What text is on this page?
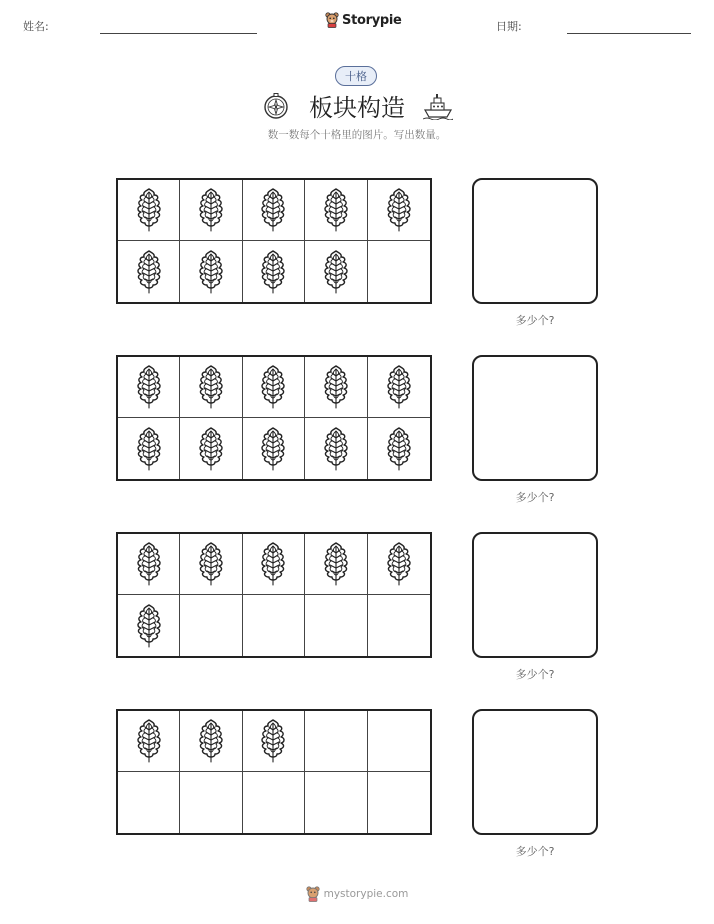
姓名:	Storypie	日期:
十格
板块构造
数一数每个十格里的图片。写出数量。
多少个?
多少个?
多少个?
多少个?
mystorypie.com
